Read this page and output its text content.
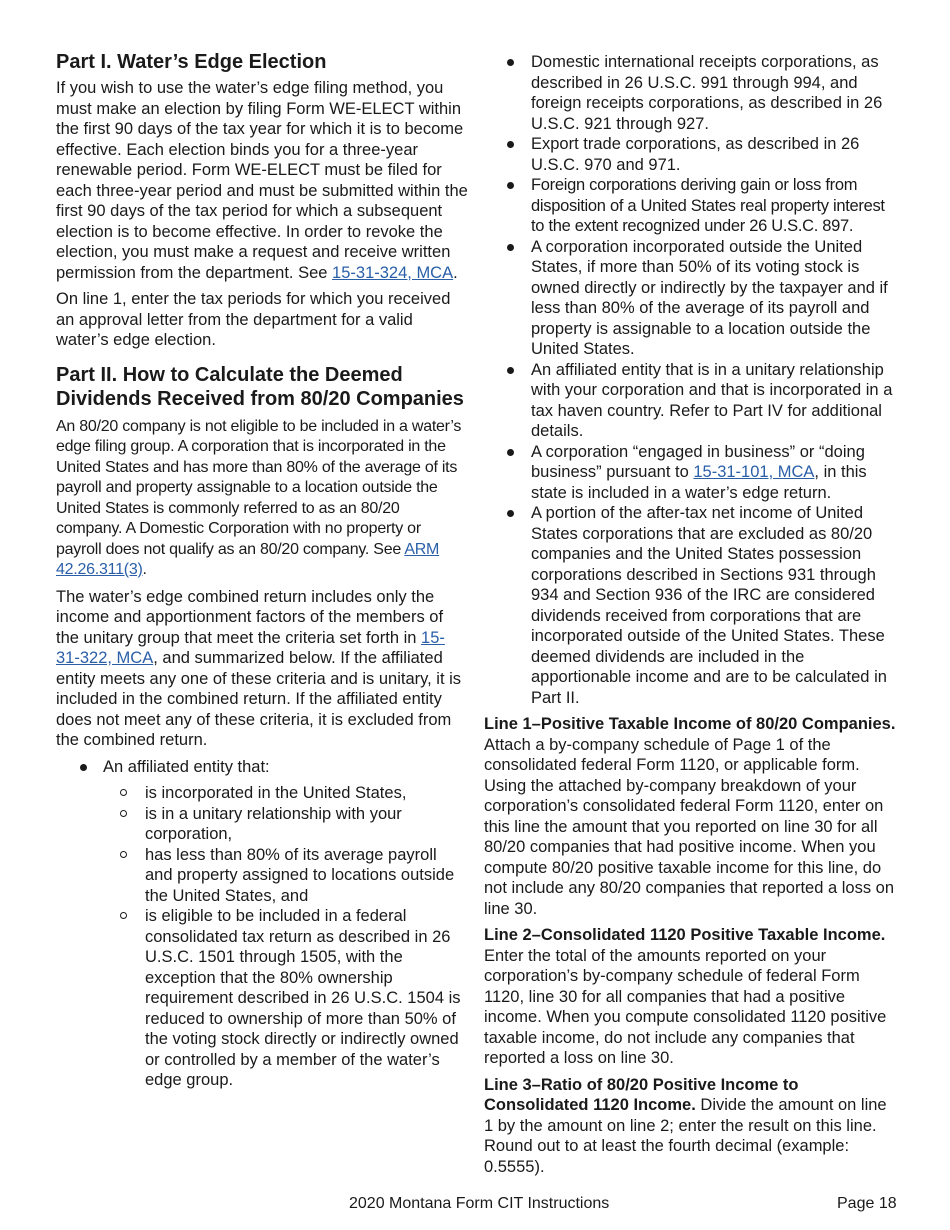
Part I. Water’s Edge Election

If you wish to use the water’s edge filing method, you must make an election by filing Form WE-ELECT within the first 90 days of the tax year for which it is to become effective. Each election binds you for a three-year renewable period. Form WE-ELECT must be filed for each three-year period and must be submitted within the first 90 days of the tax period for which a subsequent election is to become effective. In order to revoke the election, you must make a request and receive written permission from the department. See 15-31-324, MCA.

On line 1, enter the tax periods for which you received an approval letter from the department for a valid water’s edge election.

Part II. How to Calculate the Deemed Dividends Received from 80/20 Companies

An 80/20 company is not eligible to be included in a water’s edge filing group. A corporation that is incorporated in the United States and has more than 80% of the average of its payroll and property assignable to a location outside the United States is commonly referred to as an 80/20 company. A Domestic Corporation with no property or payroll does not qualify as an 80/20 company. See ARM 42.26.311(3).

The water’s edge combined return includes only the income and apportionment factors of the members of the unitary group that meet the criteria set forth in 15-31-322, MCA, and summarized below. If the affiliated entity meets any one of these criteria and is unitary, it is included in the combined return. If the affiliated entity does not meet any of these criteria, it is excluded from the combined return.

An affiliated entity that:
is incorporated in the United States,
is in a unitary relationship with your corporation,
has less than 80% of its average payroll and property assigned to locations outside the United States, and
is eligible to be included in a federal consolidated tax return as described in 26 U.S.C. 1501 through 1505, with the exception that the 80% ownership requirement described in 26 U.S.C. 1504 is reduced to ownership of more than 50% of the voting stock directly or indirectly owned or controlled by a member of the water’s edge group.
Domestic international receipts corporations, as described in 26 U.S.C. 991 through 994, and foreign receipts corporations, as described in 26 U.S.C. 921 through 927.
Export trade corporations, as described in 26 U.S.C. 970 and 971.
Foreign corporations deriving gain or loss from disposition of a United States real property interest to the extent recognized under 26 U.S.C. 897.
A corporation incorporated outside the United States, if more than 50% of its voting stock is owned directly or indirectly by the taxpayer and if less than 80% of the average of its payroll and property is assignable to a location outside the United States.
An affiliated entity that is in a unitary relationship with your corporation and that is incorporated in a tax haven country. Refer to Part IV for additional details.
A corporation “engaged in business” or “doing business” pursuant to 15-31-101, MCA, in this state is included in a water’s edge return.
A portion of the after-tax net income of United States corporations that are excluded as 80/20 companies and the United States possession corporations described in Sections 931 through 934 and Section 936 of the IRC are considered dividends received from corporations that are incorporated outside of the United States. These deemed dividends are included in the apportionable income and are to be calculated in Part II.

Line 1–Positive Taxable Income of 80/20 Companies. Attach a by-company schedule of Page 1 of the consolidated federal Form 1120, or applicable form. Using the attached by-company breakdown of your corporation’s consolidated federal Form 1120, enter on this line the amount that you reported on line 30 for all 80/20 companies that had positive income. When you compute 80/20 positive taxable income for this line, do not include any 80/20 companies that reported a loss on line 30.

Line 2–Consolidated 1120 Positive Taxable Income. Enter the total of the amounts reported on your corporation’s by-company schedule of federal Form 1120, line 30 for all companies that had a positive income. When you compute consolidated 1120 positive taxable income, do not include any companies that reported a loss on line 30.

Line 3–Ratio of 80/20 Positive Income to Consolidated 1120 Income. Divide the amount on line 1 by the amount on line 2; enter the result on this line. Round out to at least the fourth decimal (example: 0.5555).

2020 Montana Form CIT Instructions	Page 18
